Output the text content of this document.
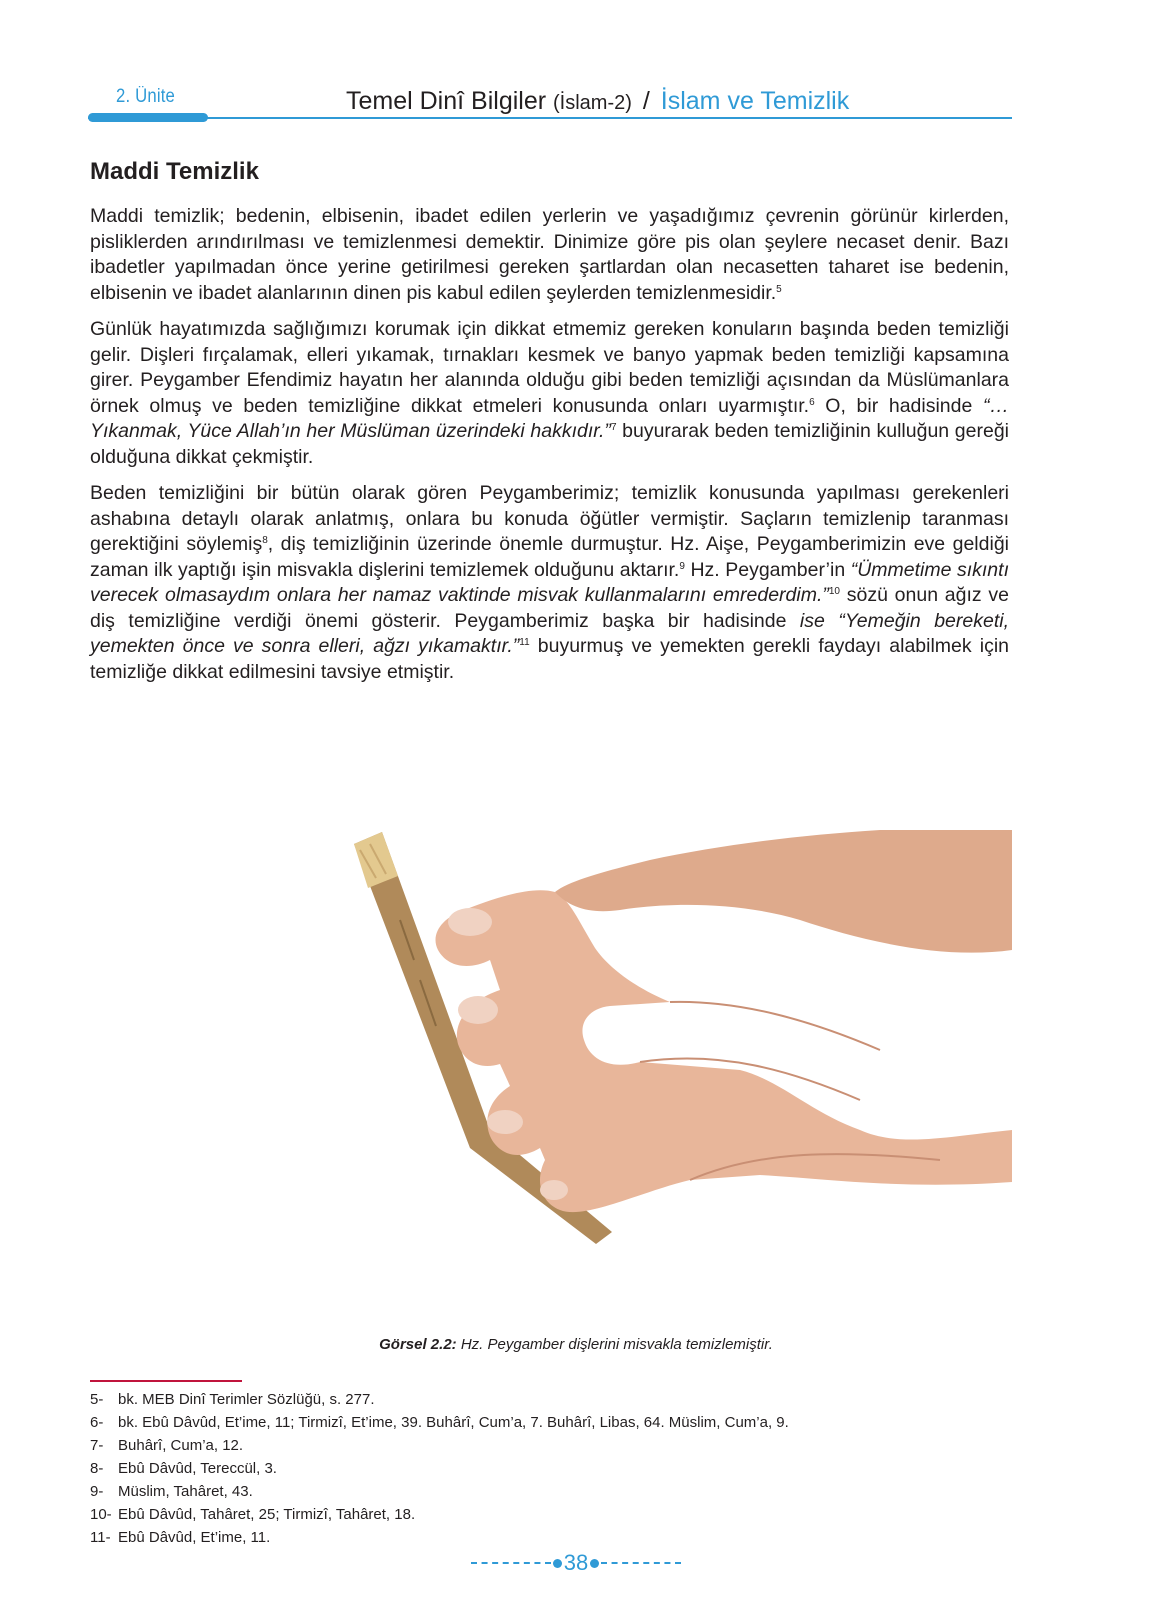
2. Ünite	Temel Dinî Bilgiler (İslam-2) / İslam ve Temizlik
Maddi Temizlik

Maddi temizlik; bedenin, elbisenin, ibadet edilen yerlerin ve yaşadığımız çevrenin görünür kirlerden, pisliklerden arındırılması ve temizlenmesi demektir. Dinimize göre pis olan şeylere necaset denir. Bazı ibadetler yapılmadan önce yerine getirilmesi gereken şartlardan olan necasetten taharet ise bedenin, elbisenin ve ibadet alanlarının dinen pis kabul edilen şeylerden temizlenmesidir.$^5$

Günlük hayatımızda sağlığımızı korumak için dikkat etmemiz gereken konuların başında beden temizliği gelir. Dişleri fırçalamak, elleri yıkamak, tırnakları kesmek ve banyo yapmak beden temizliği kapsamına girer. Peygamber Efendimiz hayatın her alanında olduğu gibi beden temizliği açısından da Müslümanlara örnek olmuş ve beden temizliğine dikkat etmeleri konusunda onları uyarmıştır.$^6$ O, bir hadisinde “…Yıkanmak, Yüce Allah’ın her Müslüman üzerindeki hakkıdır.”$^7$ buyurarak beden temizliğinin kulluğun gereği olduğuna dikkat çekmiştir.

Beden temizliğini bir bütün olarak gören Peygamberimiz; temizlik konusunda yapılması gerekenleri ashabına detaylı olarak anlatmış, onlara bu konuda öğütler vermiştir. Saçların temizlenip taranması gerektiğini söylemiş$^8$, diş temizliğinin üzerinde önemle durmuştur. Hz. Aişe, Peygamberimizin eve geldiği zaman ilk yaptığı işin misvakla dişlerini temizlemek olduğunu aktarır.$^9$ Hz. Peygamber’in “Ümmetime sıkıntı verecek olmasaydım onlara her namaz vaktinde misvak kullanmalarını emrederdim.”$^{10}$ sözü onun ağız ve diş temizliğine verdiği önemi gösterir. Peygamberimiz başka bir hadisinde ise “Yemeğin bereketi, yemekten önce ve sonra elleri, ağzı yıkamaktır.”$^{11}$ buyurmuş ve yemekten gerekli faydayı alabilmek için temizliğe dikkat edilmesini tavsiye etmiştir.

Görsel 2.2: Hz. Peygamber dişlerini misvakla temizlemiştir.
5- bk. MEB Dinî Terimler Sözlüğü, s. 277.
6- bk. Ebû Dâvûd, Et’ime, 11; Tirmizî, Et’ime, 39. Buhârî, Cum’a, 7. Buhârî, Libas, 64. Müslim, Cum’a, 9.
7- Buhârî, Cum’a, 12.
8- Ebû Dâvûd, Tereccül, 3.
9- Müslim, Tahâret, 43.
10- Ebû Dâvûd, Tahâret, 25; Tirmizî, Tahâret, 18.
11- Ebû Dâvûd, Et’ime, 11.
38
